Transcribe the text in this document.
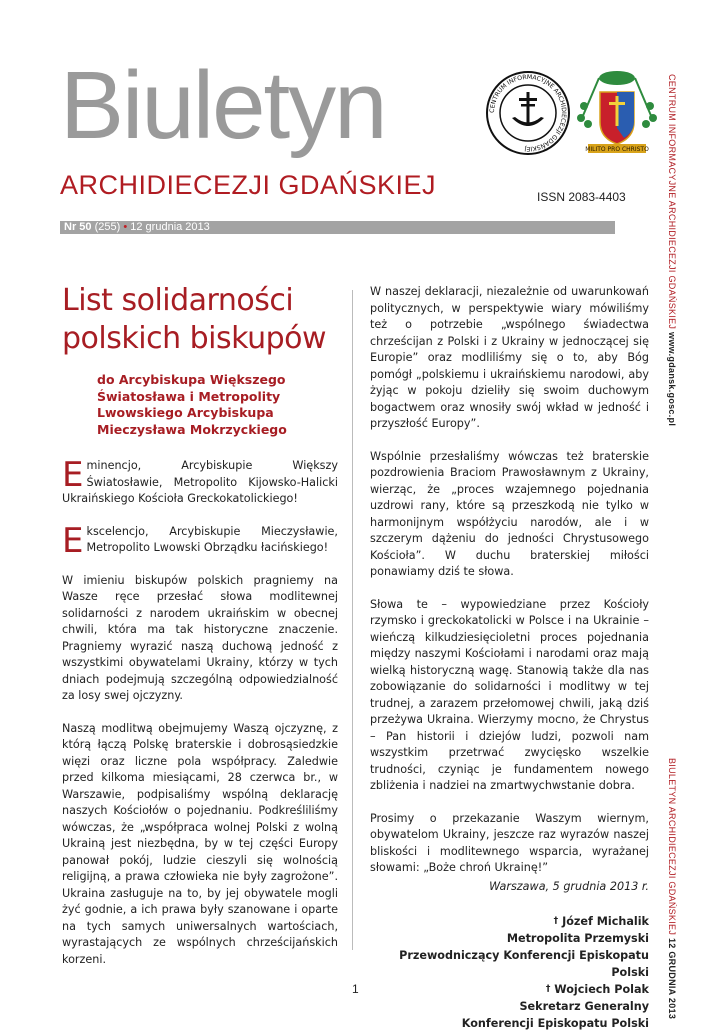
Biuletyn
ARCHIDIECEZJI GDAŃSKIEJ	ISSN 2083-4403
Nr 50 (255) • 12 grudnia 2013
CENTRUM INFORMACYJNE ARCHIDIECEZJI GDAŃSKIEJ	MILITO PRO CHRISTO CENTRUM INFORMACYJNE ARCHIDIECEZJI GDAŃSKIEJ www.gdansk.gosc.pl
BIULETYN ARCHIDIECEZJI GDAŃSKIEJ 12 GRUDNIA 2013
List solidarności polskich biskupów
do Arcybiskupa Większego Światosława i Metropolity Lwowskiego Arcybiskupa Mieczysława Mokrzyckiego

Eminencjo, Arcybiskupie Większy Światosławie, Metropolito Kijowsko-Halicki Ukraińskiego Kościoła Greckokatolickiego!

Ekscelencjo, Arcybiskupie Mieczysławie, Metropolito Lwowski Obrządku łacińskiego!

W imieniu biskupów polskich pragniemy na Wasze ręce przesłać słowa modlitewnej solidarności z narodem ukraińskim w obecnej chwili, która ma tak historyczne znaczenie. Pragniemy wyrazić naszą duchową jedność z wszystkimi obywatelami Ukrainy, którzy w tych dniach podejmują szczególną odpowiedzialność za losy swej ojczyzny.

Naszą modlitwą obejmujemy Waszą ojczyznę, z którą łączą Polskę braterskie i dobrosąsiedzkie więzi oraz liczne pola współpracy. Zaledwie przed kilkoma miesiącami, 28 czerwca br., w Warszawie, podpisaliśmy wspólną deklarację naszych Kościołów o pojednaniu. Podkreśliliśmy wówczas, że „współpraca wolnej Polski z wolną Ukrainą jest niezbędna, by w tej części Europy panował pokój, ludzie cieszyli się wolnością religijną, a prawa człowieka nie były zagrożone”. Ukraina zasługuje na to, by jej obywatele mogli żyć godnie, a ich prawa były szanowane i oparte na tych samych uniwersalnych wartościach, wyrastających ze wspólnych chrześcijańskich korzeni.

W naszej deklaracji, niezależnie od uwarunkowań politycznych, w perspektywie wiary mówiliśmy też o potrzebie „wspólnego świadectwa chrześcijan z Polski i z Ukrainy w jednoczącej się Europie” oraz modliliśmy się o to, aby Bóg pomógł „polskiemu i ukraińskiemu narodowi, aby żyjąc w pokoju dzieliły się swoim duchowym bogactwem oraz wnosiły swój wkład w jedność i przyszłość Europy”.

Wspólnie przesłaliśmy wówczas też braterskie pozdrowienia Braciom Prawosławnym z Ukrainy, wierząc, że „proces wzajemnego pojednania uzdrowi rany, które są przeszkodą nie tylko w harmonijnym współżyciu narodów, ale i w szczerym dążeniu do jedności Chrystusowego Kościoła”. W duchu braterskiej miłości ponawiamy dziś te słowa.

Słowa te – wypowiedziane przez Kościoły rzymsko i greckokatolicki w Polsce i na Ukrainie – wieńczą kilkudziesięcioletni proces pojednania między naszymi Kościołami i narodami oraz mają wielką historyczną wagę. Stanowią także dla nas zobowiązanie do solidarności i modlitwy w tej trudnej, a zarazem przełomowej chwili, jaką dziś przeżywa Ukraina. Wierzymy mocno, że Chrystus – Pan historii i dziejów ludzi, pozwoli nam wszystkim przetrwać zwycięsko wszelkie trudności, czyniąc je fundamentem nowego zbliżenia i nadziei na zmartwychwstanie dobra.

Prosimy o przekazanie Waszym wiernym, obywatelom Ukrainy, jeszcze raz wyrazów naszej bliskości i modlitewnego wsparcia, wyrażanej słowami: „Boże chroń Ukrainę!”

Warszawa, 5 grudnia 2013 r.
† Józef Michalik
Metropolita Przemyski
Przewodniczący Konferencji Episkopatu Polski
† Wojciech Polak
Sekretarz Generalny
Konferencji Episkopatu Polski
1
